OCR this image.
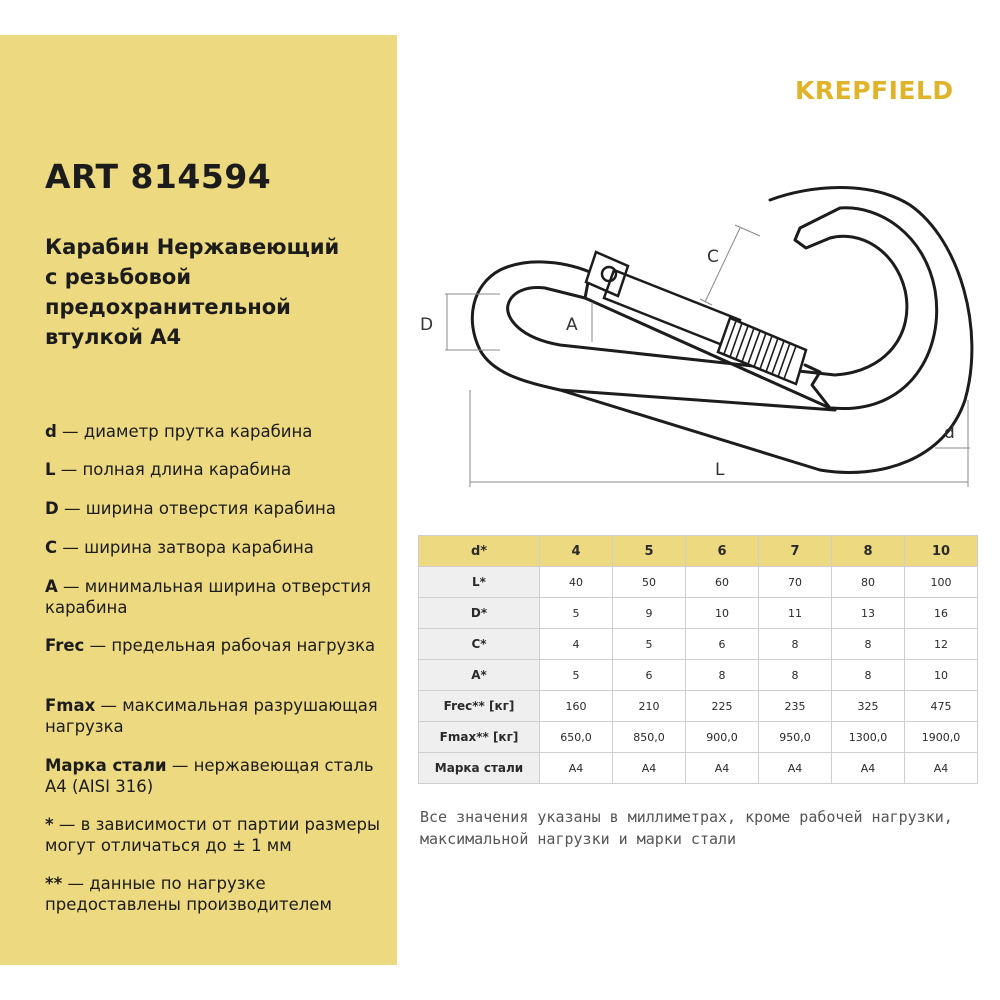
ART 814594
Карабин Нержавеющий
с резьбовой
предохранительной
втулкой А4
d — диаметр прутка карабина
L — полная длина карабина
D — ширина отверстия карабина
C — ширина затвора карабина
A — минимальная ширина отверстия карабина
Frec — предельная рабочая нагрузка
Fmax — максимальная разрушающая нагрузка
Марка стали — нержавеющая сталь А4 (AISI 316)
* — в зависимости от партии размеры могут отличаться до ± 1 мм
** — данные по нагрузке предоставлены производителем
KREPFIELD
C
D	A
d
L
d*	4	5	6	7	8	10
L*	40	50	60	70	80	100
D*	5	9	10	11	13	16
C*	4	5	6	8	8	12
A*	5	6	8	8	8	10
Frec** [кг]	160	210	225	235	325	475
Fmax** [кг]	650,0	850,0	900,0	950,0	1300,0	1900,0
Марка стали	А4	А4	А4	А4	А4	А4
Все значения указаны в миллиметрах, кроме рабочей нагрузки, максимальной нагрузки и марки стали
